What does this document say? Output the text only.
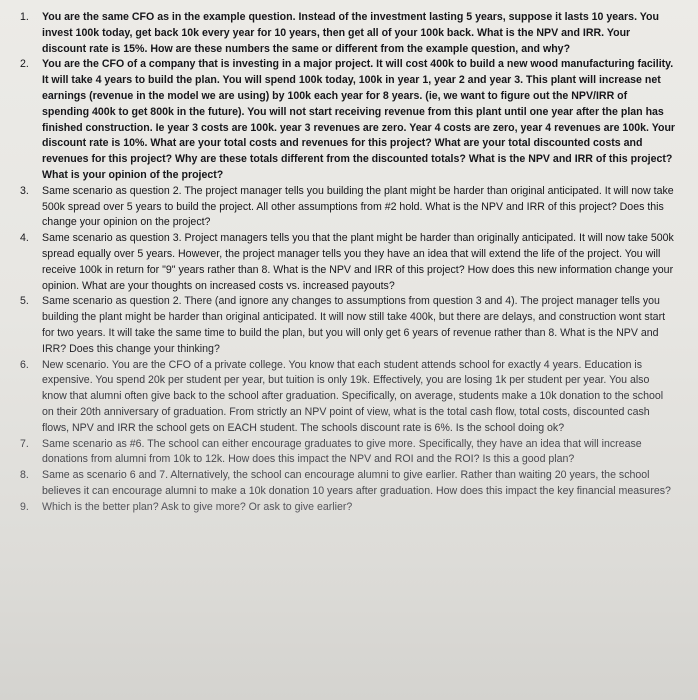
1. You are the same CFO as in the example question. Instead of the investment lasting 5 years, suppose it lasts 10 years. You invest 100k today, get back 10k every year for 10 years, then get all of your 100k back. What is the NPV and IRR. Your discount rate is 15%. How are these numbers the same or different from the example question, and why?
2. You are the CFO of a company that is investing in a major project. It will cost 400k to build a new wood manufacturing facility. It will take 4 years to build the plan. You will spend 100k today, 100k in year 1, year 2 and year 3. This plant will increase net earnings (revenue in the model we are using) by 100k each year for 8 years. (ie, we want to figure out the NPV/IRR of spending 400k to get 800k in the future). You will not start receiving revenue from this plant until one year after the plan has finished construction. Ie year 3 costs are 100k. year 3 revenues are zero. Year 4 costs are zero, year 4 revenues are 100k. Your discount rate is 10%. What are your total costs and revenues for this project? What are your total discounted costs and revenues for this project? Why are these totals different from the discounted totals? What is the NPV and IRR of this project? What is your opinion of the project?
3. Same scenario as question 2. The project manager tells you building the plant might be harder than original anticipated. It will now take 500k spread over 5 years to build the project. All other assumptions from #2 hold. What is the NPV and IRR of this project? Does this change your opinion on the project?
4. Same scenario as question 3. Project managers tells you that the plant might be harder than originally anticipated. It will now take 500k spread equally over 5 years. However, the project manager tells you they have an idea that will extend the life of the project. You will receive 100k in return for "9" years rather than 8. What is the NPV and IRR of this project? How does this new information change your opinion. What are your thoughts on increased costs vs. increased payouts?
5. Same scenario as question 2. There (and ignore any changes to assumptions from question 3 and 4). The project manager tells you building the plant might be harder than original anticipated. It will now still take 400k, but there are delays, and construction wont start for two years. It will take the same time to build the plan, but you will only get 6 years of revenue rather than 8. What is the NPV and IRR? Does this change your thinking?
6. New scenario. You are the CFO of a private college. You know that each student attends school for exactly 4 years. Education is expensive. You spend 20k per student per year, but tuition is only 19k. Effectively, you are losing 1k per student per year. You also know that alumni often give back to the school after graduation. Specifically, on average, students make a 10k donation to the school on their 20th anniversary of graduation. From strictly an NPV point of view, what is the total cash flow, total costs, discounted cash flows, NPV and IRR the school gets on EACH student. The schools discount rate is 6%. Is the school doing ok?
7. Same scenario as #6. The school can either encourage graduates to give more. Specifically, they have an idea that will increase donations from alumni from 10k to 12k. How does this impact the NPV and ROI and the ROI? Is this a good plan?
8. Same as scenario 6 and 7. Alternatively, the school can encourage alumni to give earlier. Rather than waiting 20 years, the school believes it can encourage alumni to make a 10k donation 10 years after graduation. How does this impact the key financial measures?
9. Which is the better plan? Ask to give more? Or ask to give earlier?
